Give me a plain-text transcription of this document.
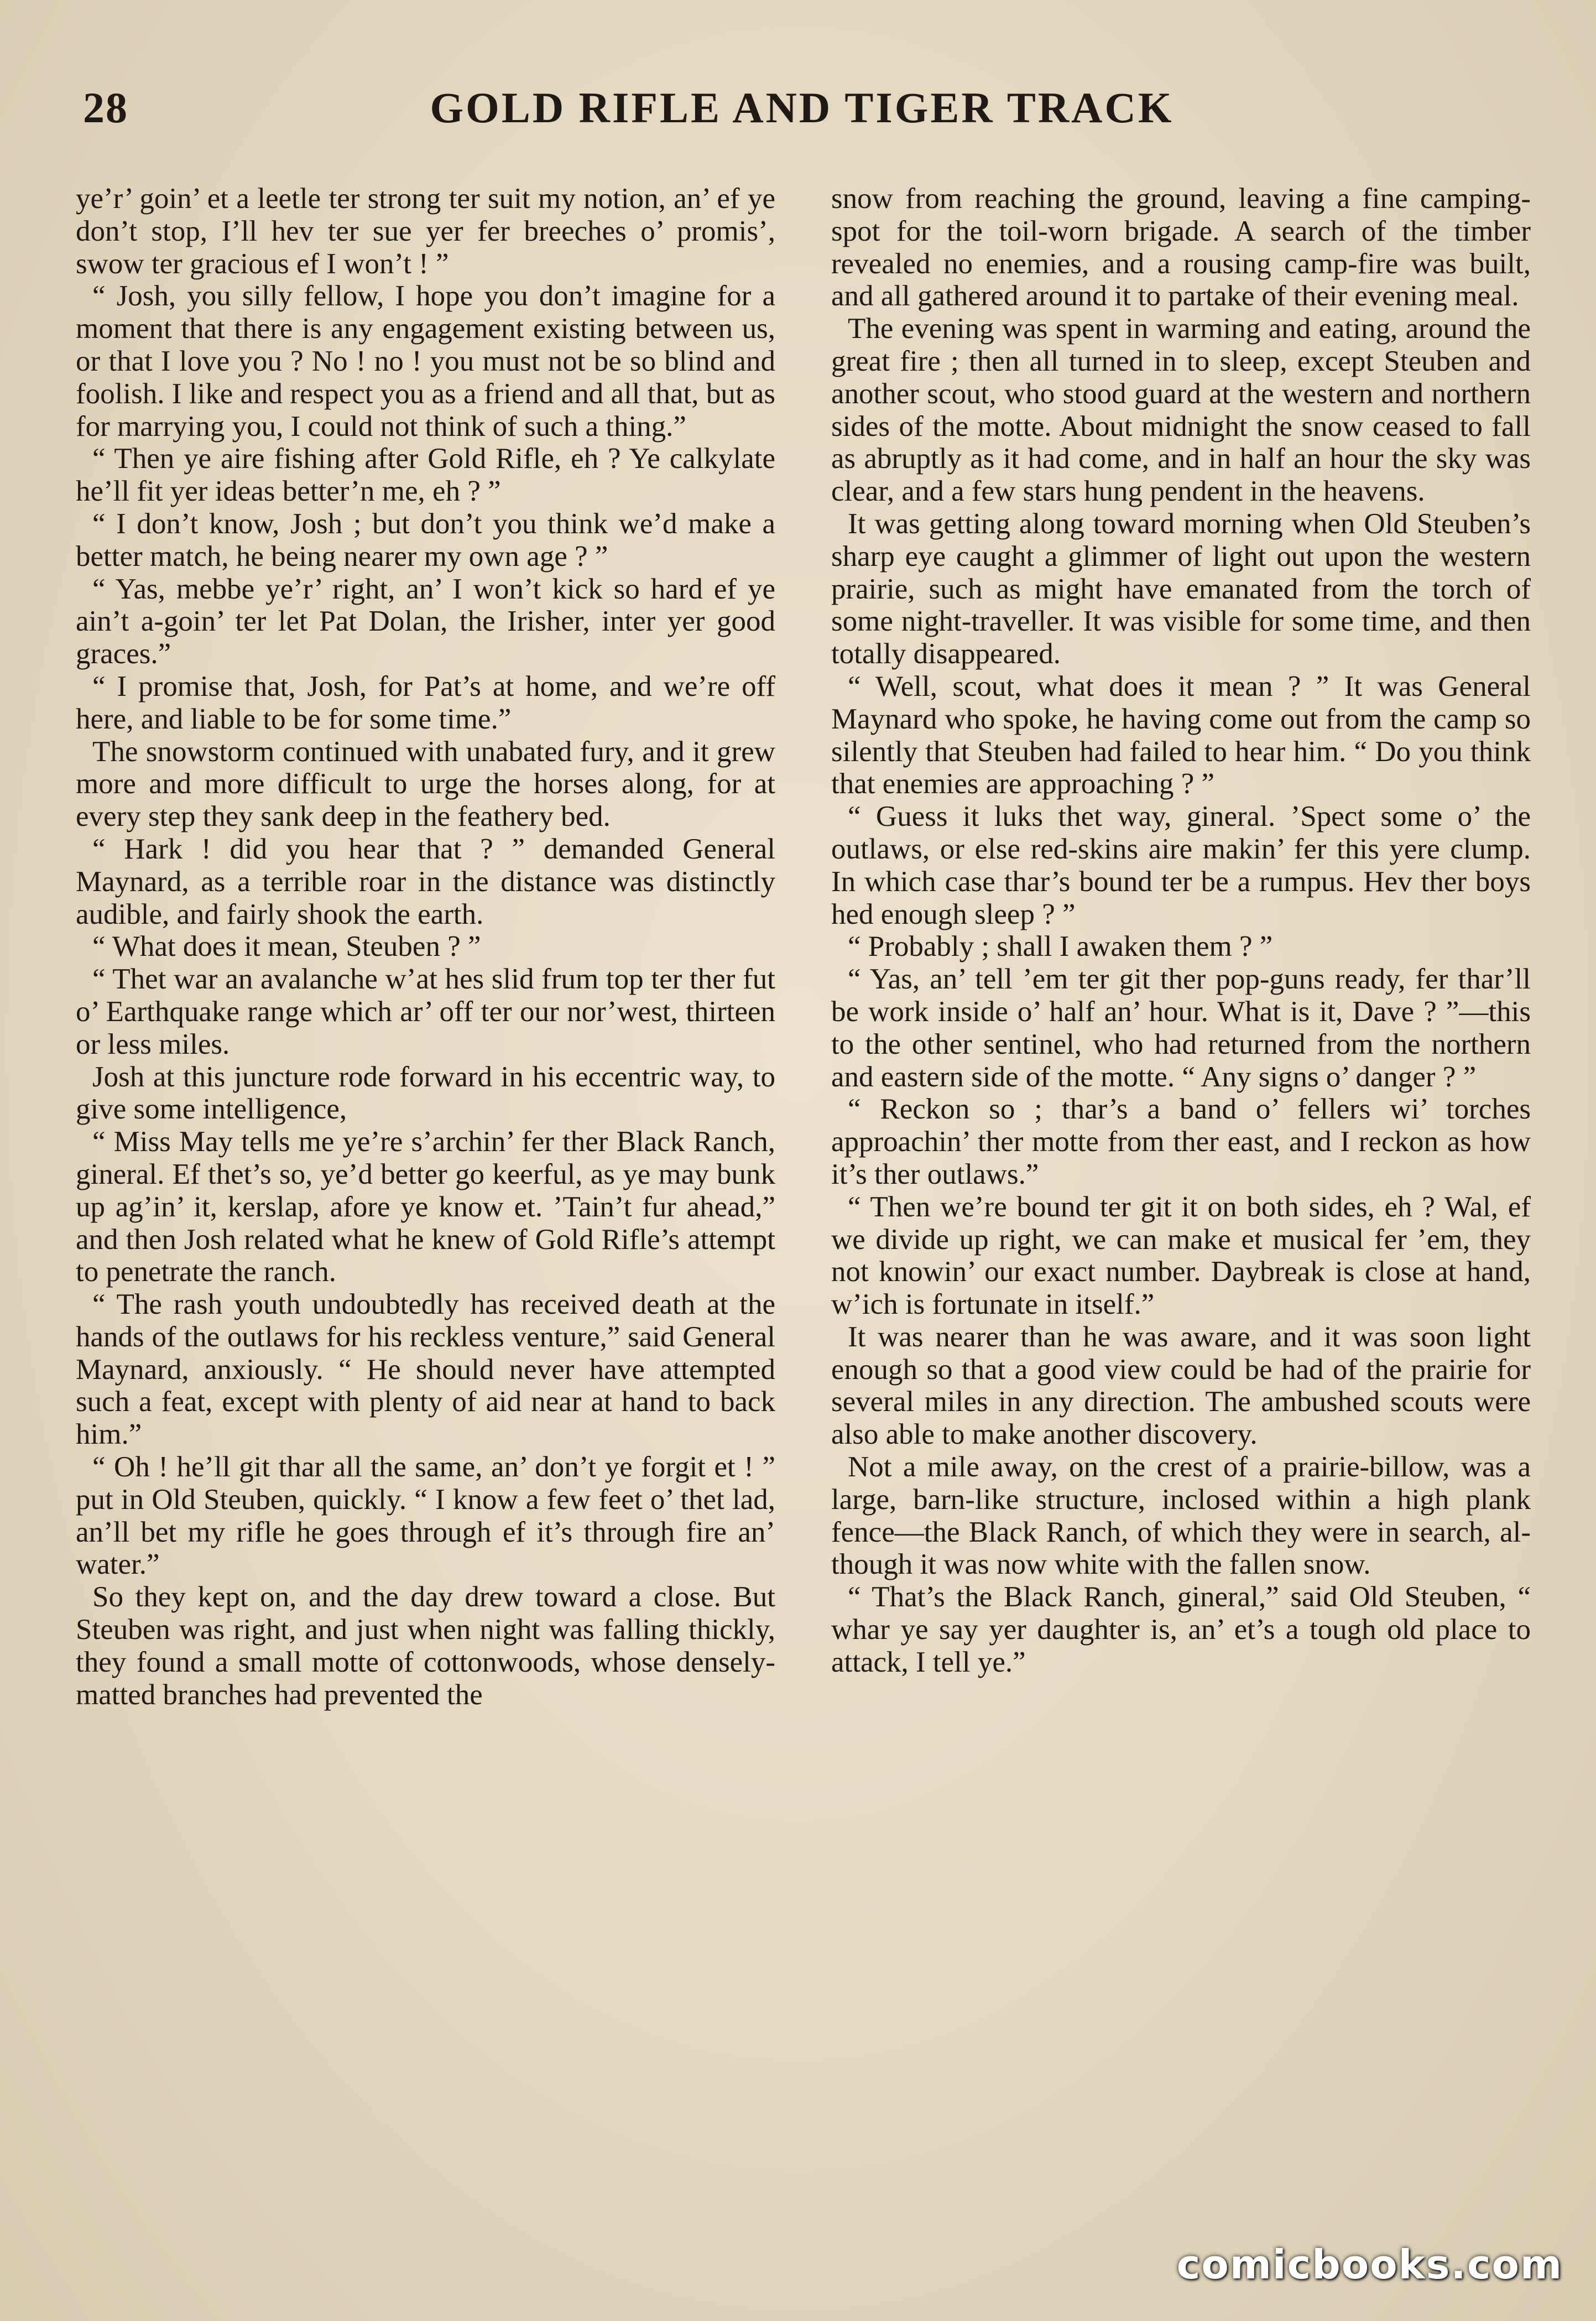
28	GOLD RIFLE AND TIGER TRACK

ye’r’ goin’ et a leetle ter strong ter suit my notion, an’ ef ye don’t stop, I’ll hev ter sue yer fer breeches o’ promis’, swow ter gracious ef I won’t ! ”

“ Josh, you silly fellow, I hope you don’t imagine for a moment that there is any engagement existing between us, or that I love you ? No ! no ! you must not be so blind and foolish. I like and respect you as a friend and all that, but as for marrying you, I could not think of such a thing.”

“ Then ye aire fishing after Gold Rifle, eh ? Ye calkylate he’ll fit yer ideas better’n me, eh ? ”

“ I don’t know, Josh ; but don’t you think we’d make a better match, he being nearer my own age ? ”

“ Yas, mebbe ye’r’ right, an’ I won’t kick so hard ef ye ain’t a-goin’ ter let Pat Dolan, the Irisher, inter yer good graces.”

“ I promise that, Josh, for Pat’s at home, and we’re off here, and liable to be for some time.”

The snowstorm continued with unabated fury, and it grew more and more difficult to urge the horses along, for at every step they sank deep in the feathery bed.

“ Hark ! did you hear that ? ” demanded General Maynard, as a terrible roar in the distance was distinctly audible, and fairly shook the earth.

“ What does it mean, Steuben ? ”

“ Thet war an avalanche w’at hes slid frum top ter ther fut o’ Earthquake range which ar’ off ter our nor’west, thirteen or less miles.

Josh at this juncture rode forward in his eccentric way, to give some intelligence,

“ Miss May tells me ye’re s’archin’ fer ther Black Ranch, gineral. Ef thet’s so, ye’d better go keerful, as ye may bunk up ag’in’ it, kerslap, afore ye know et. ’Tain’t fur ahead,” and then Josh related what he knew of Gold Rifle’s attempt to penetrate the ranch.

“ The rash youth undoubtedly has received death at the hands of the outlaws for his reckless venture,” said General Maynard, anxiously. “ He should never have attempted such a feat, except with plenty of aid near at hand to back him.”

“ Oh ! he’ll git thar all the same, an’ don’t ye forgit et ! ” put in Old Steuben, quickly. “ I know a few feet o’ thet lad, an’ll bet my rifle he goes through ef it’s through fire an’ water.”

So they kept on, and the day drew toward a close. But Steuben was right, and just when night was falling thickly, they found a small motte of cottonwoods, whose densely-matted branches had prevented the

snow from reaching the ground, leaving a fine camping-spot for the toil-worn brigade. A search of the timber revealed no enemies, and a rousing camp-fire was built, and all gathered around it to partake of their evening meal.

The evening was spent in warming and eating, around the great fire ; then all turned in to sleep, except Steuben and another scout, who stood guard at the western and northern sides of the motte. About midnight the snow ceased to fall as abruptly as it had come, and in half an hour the sky was clear, and a few stars hung pendent in the heavens.

It was getting along toward morning when Old Steuben’s sharp eye caught a glimmer of light out upon the western prairie, such as might have emanated from the torch of some night-traveller. It was visible for some time, and then totally disappeared.

“ Well, scout, what does it mean ? ” It was General Maynard who spoke, he having come out from the camp so silently that Steuben had failed to hear him. “ Do you think that enemies are approaching ? ”

“ Guess it luks thet way, gineral. ’Spect some o’ the outlaws, or else red-skins aire makin’ fer this yere clump. In which case thar’s bound ter be a rumpus. Hev ther boys hed enough sleep ? ”

“ Probably ; shall I awaken them ? ”

“ Yas, an’ tell ’em ter git ther pop-guns ready, fer thar’ll be work inside o’ half an’ hour. What is it, Dave ? ”—this to the other sentinel, who had returned from the northern and eastern side of the motte. “ Any signs o’ danger ? ”

“ Reckon so ; thar’s a band o’ fellers wi’ torches approachin’ ther motte from ther east, and I reckon as how it’s ther outlaws.”

“ Then we’re bound ter git it on both sides, eh ? Wal, ef we divide up right, we can make et musical fer ’em, they not knowin’ our exact number. Daybreak is close at hand, w’ich is fortunate in itself.”

It was nearer than he was aware, and it was soon light enough so that a good view could be had of the prairie for several miles in any direction. The ambushed scouts were also able to make another discovery.

Not a mile away, on the crest of a prairie-billow, was a large, barn-like structure, inclosed within a high plank fence—the Black Ranch, of which they were in search, although it was now white with the fallen snow.

“ That’s the Black Ranch, gineral,” said Old Steuben, “ whar ye say yer daughter is, an’ et’s a tough old place to attack, I tell ye.”

comicbooks.com
